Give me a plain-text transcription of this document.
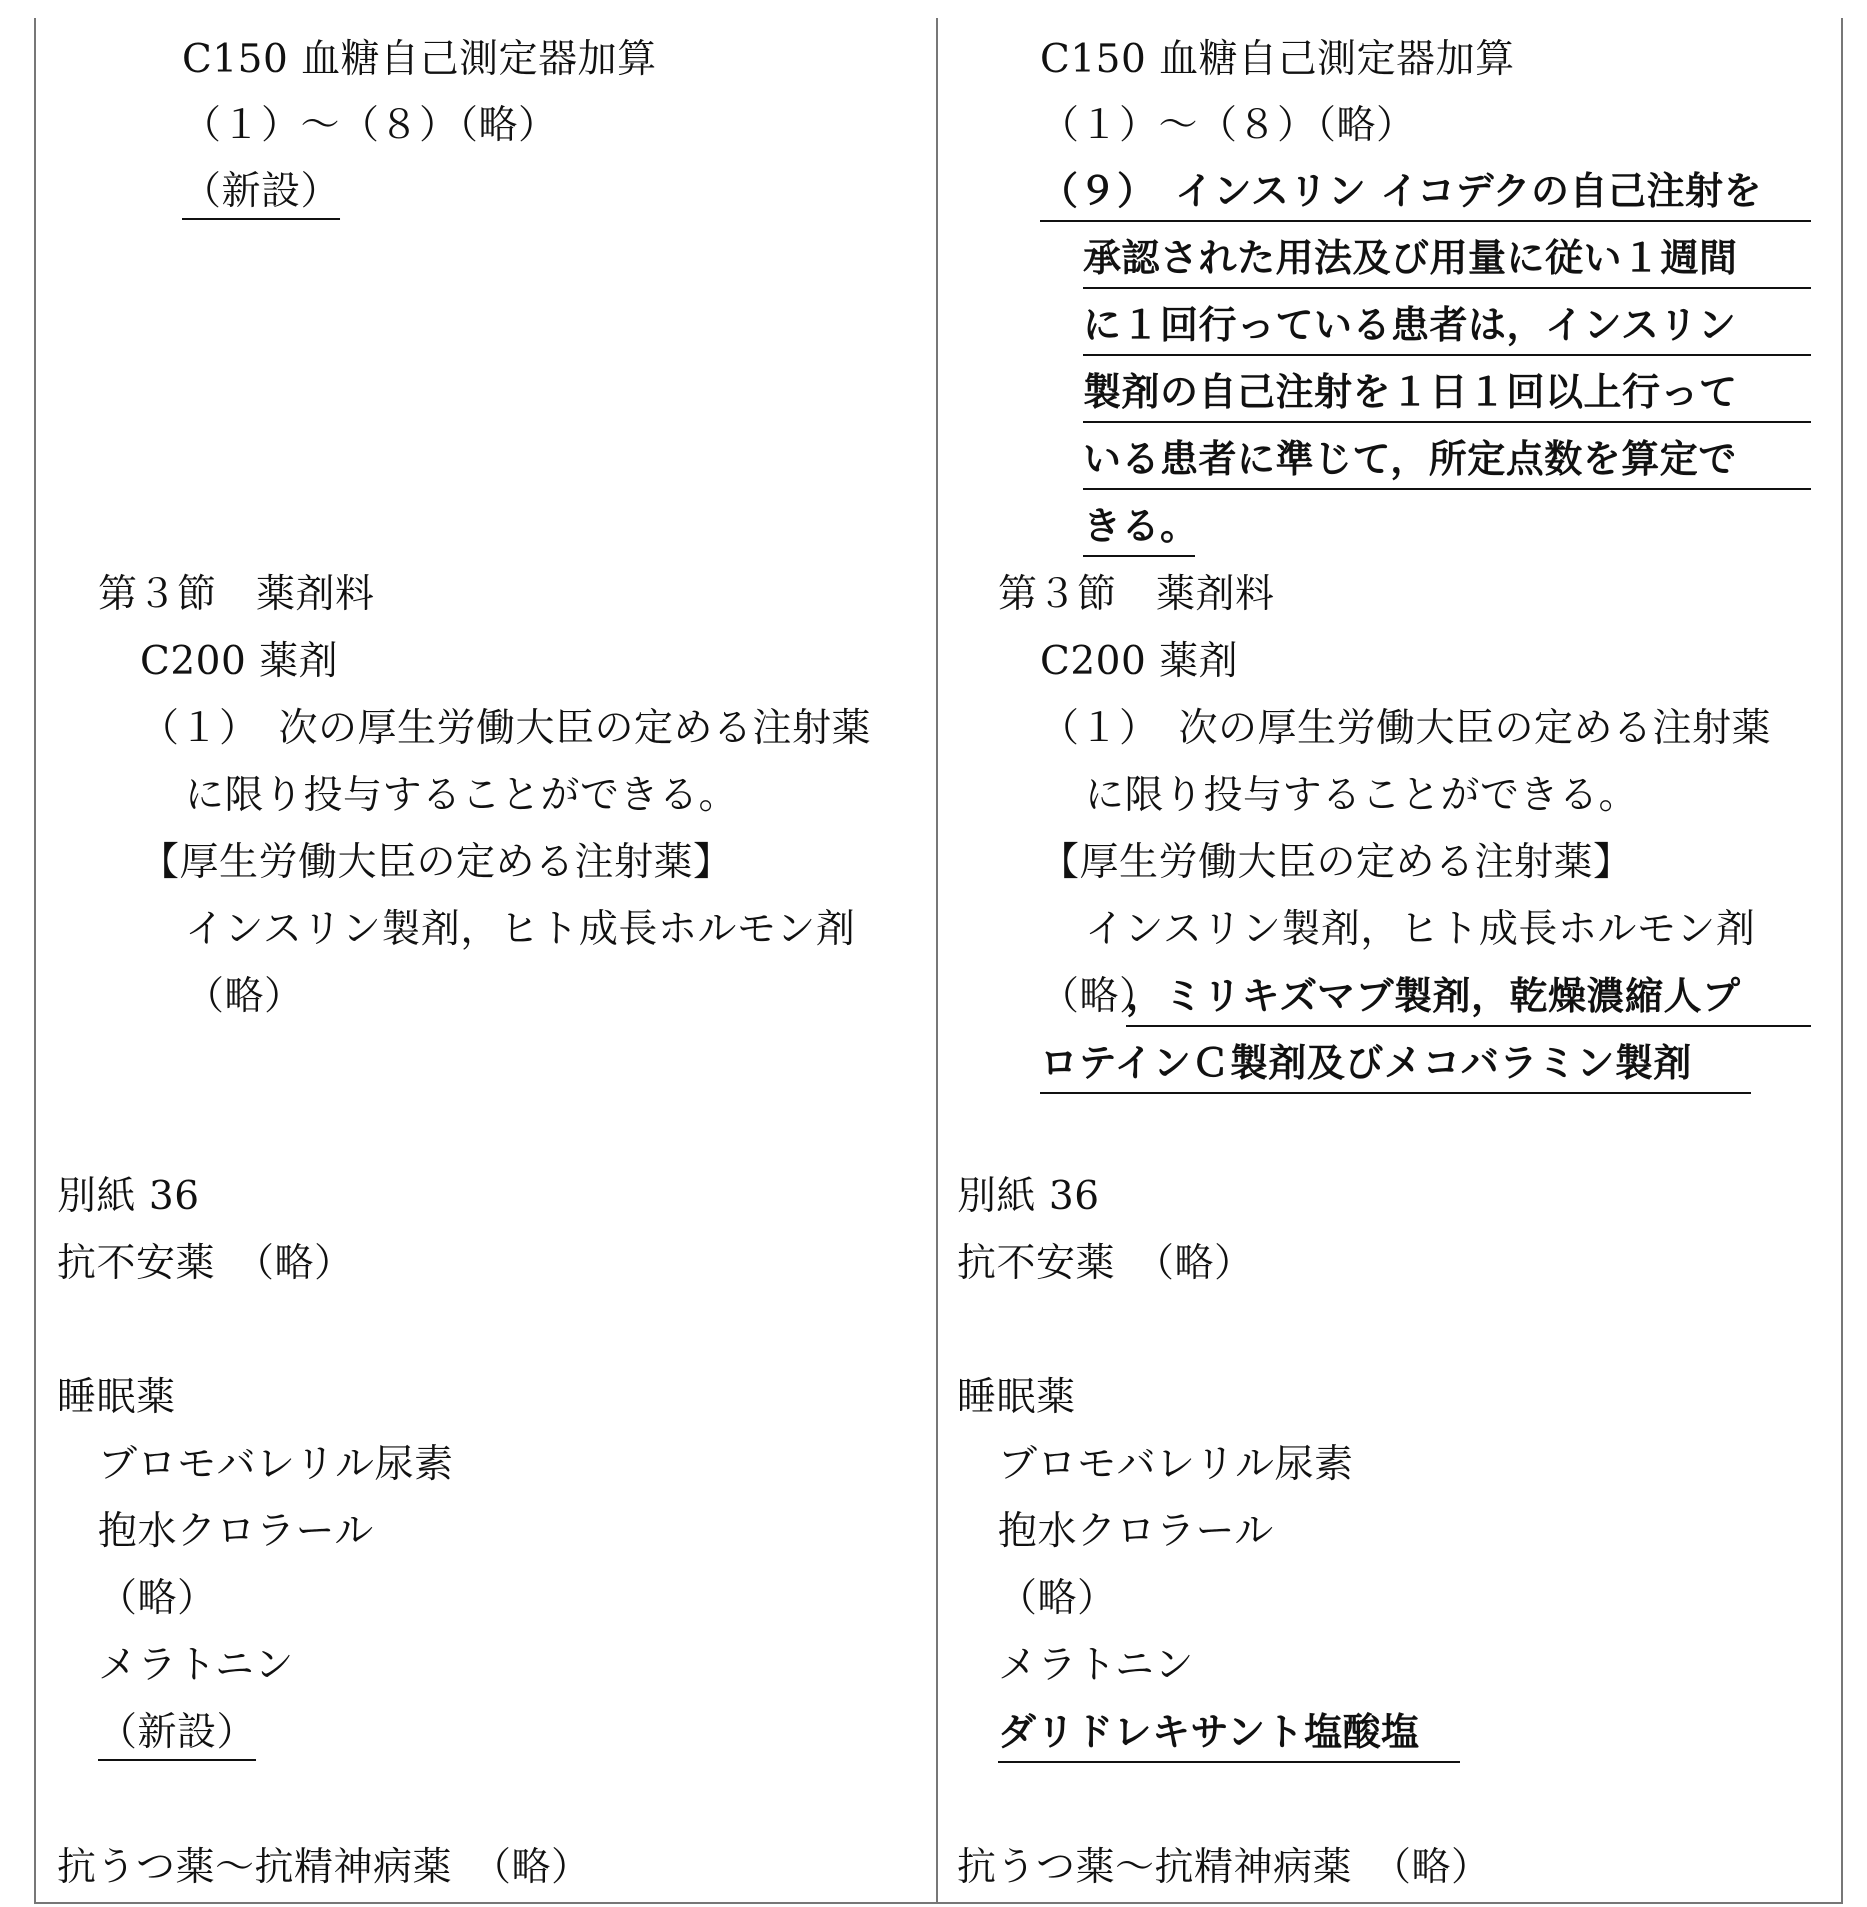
C150 血糖自己測定器加算
（１）～（８）（略）
（新設）
第３節　薬剤料
C200 薬剤
（１）　次の厚生労働大臣の定める注射薬
に限り投与することができる。
【厚生労働大臣の定める注射薬】
インスリン製剤，ヒト成長ホルモン剤
（略）
別紙 36
抗不安薬　（略）
睡眠薬
ブロモバレリル尿素
抱水クロラール
（略）
メラトニン
（新設）
抗うつ薬～抗精神病薬　（略）
C150 血糖自己測定器加算
（１）～（８）（略）
（９）　インスリン イコデクの自己注射を
承認された用法及び用量に従い１週間
に１回行っている患者は，インスリン
製剤の自己注射を１日１回以上行って
いる患者に準じて，所定点数を算定で
きる。
第３節　薬剤料
C200 薬剤
（１）　次の厚生労働大臣の定める注射薬
に限り投与することができる。
【厚生労働大臣の定める注射薬】
インスリン製剤，ヒト成長ホルモン剤
（略）
，ミリキズマブ製剤，乾燥濃縮人プ
ロテインＣ製剤及びメコバラミン製剤
別紙 36
抗不安薬　（略）
睡眠薬
ブロモバレリル尿素
抱水クロラール
（略）
メラトニン
ダリドレキサント塩酸塩
抗うつ薬～抗精神病薬　（略）
